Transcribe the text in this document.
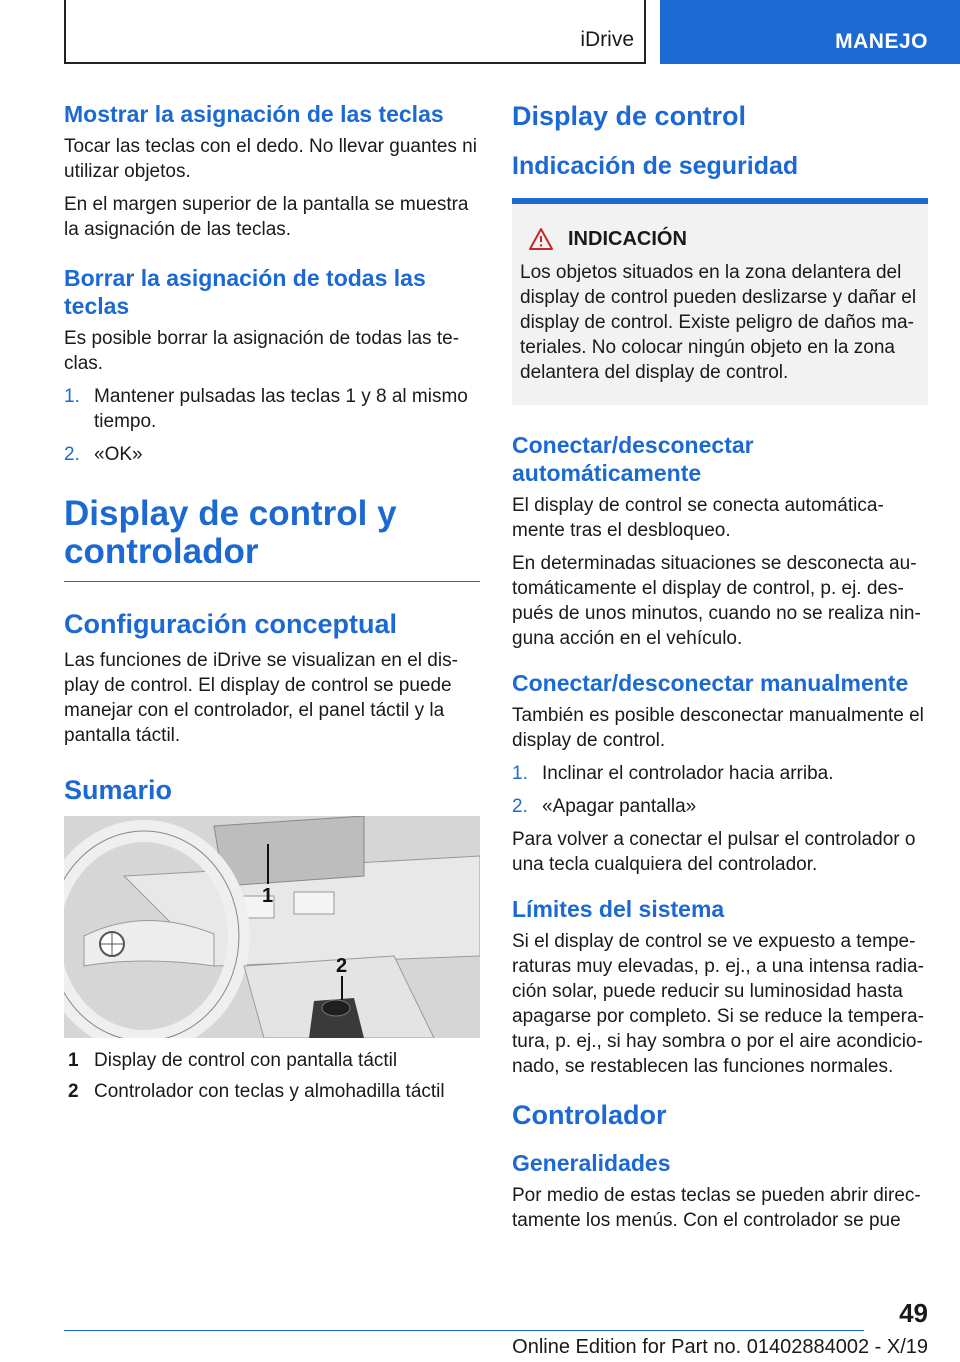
iDrive	MANEJO
Mostrar la asignación de las teclas

Tocar las teclas con el dedo. No llevar guantes ni utilizar objetos.

En el margen superior de la pantalla se muestra la asignación de las teclas.

Borrar la asignación de todas las teclas

Es posible borrar la asignación de todas las teclas.

1. Mantener pulsadas las teclas 1 y 8 al mismo tiempo.
2. «OK»
Display de control y controlador
Configuración conceptual

Las funciones de iDrive se visualizan en el display de control. El display de control se puede manejar con el controlador, el panel táctil y la pantalla táctil.

Sumario
1
2
1 Display de control con pantalla táctil
2 Controlador con teclas y almohadilla táctil
Display de control
Indicación de seguridad
INDICACIÓN

Los objetos situados en la zona delantera del display de control pueden deslizarse y dañar el display de control. Existe peligro de daños materiales. No colocar ningún objeto en la zona delantera del display de control.

Conectar/desconectar automáticamente

El display de control se conecta automáticamente tras el desbloqueo.

En determinadas situaciones se desconecta automáticamente el display de control, p. ej. después de unos minutos, cuando no se realiza ninguna acción en el vehículo.

Conectar/desconectar manualmente

También es posible desconectar manualmente el display de control.

1. Inclinar el controlador hacia arriba.
2. «Apagar pantalla»

Para volver a conectar el pulsar el controlador o una tecla cualquiera del controlador.

Límites del sistema

Si el display de control se ve expuesto a temperaturas muy elevadas, p. ej., a una intensa radiación solar, puede reducir su luminosidad hasta apagarse por completo. Si se reduce la temperatura, p. ej., si hay sombra o por el aire acondicionado, se restablecen las funciones normales.

Controlador
Generalidades

Por medio de estas teclas se pueden abrir directamente los menús. Con el controlador se pue

49
Online Edition for Part no. 01402884002 - X/19
